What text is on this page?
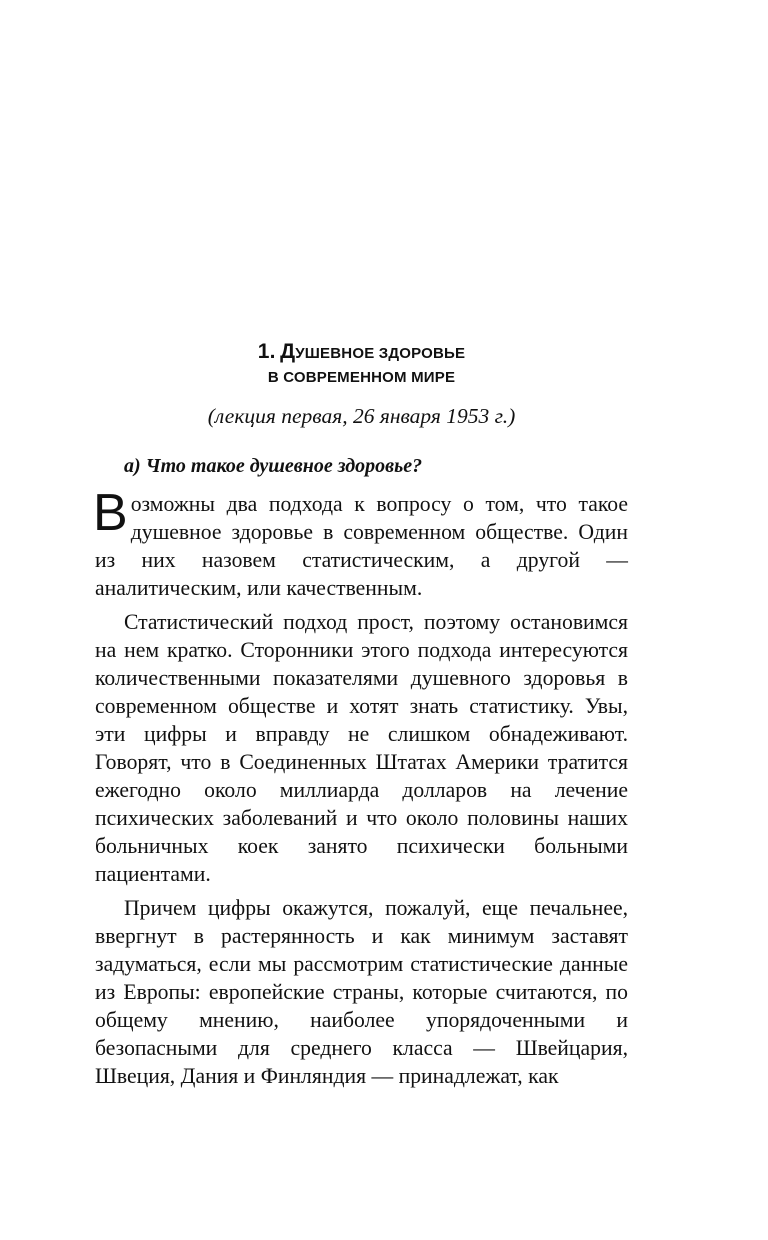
1. ДУШЕВНОЕ ЗДОРОВЬЕ
В СОВРЕМЕННОМ МИРЕ
(лекция первая, 26 января 1953 г.)
а) Что такое душевное здоровье?

Возможны два подхода к вопросу о том, что такое душевное здоровье в современном обществе. Один из них назовем статистическим, а другой — аналитическим, или качественным.

Статистический подход прост, поэтому остановимся на нем кратко. Сторонники этого подхода интересуются количественными показателями душевного здоровья в современном обществе и хотят знать статистику. Увы, эти цифры и вправду не слишком обнадеживают. Говорят, что в Соединенных Штатах Америки тратится ежегодно около миллиарда долларов на лечение психических заболеваний и что около половины наших больничных коек занято психически больными пациентами.

Причем цифры окажутся, пожалуй, еще печальнее, ввергнут в растерянность и как минимум заставят задуматься, если мы рассмотрим статистические данные из Европы: европейские страны, которые считаются, по общему мнению, наиболее упорядоченными и безопасными для среднего класса — Швейцария, Швеция, Дания и Финляндия — принадлежат, как
